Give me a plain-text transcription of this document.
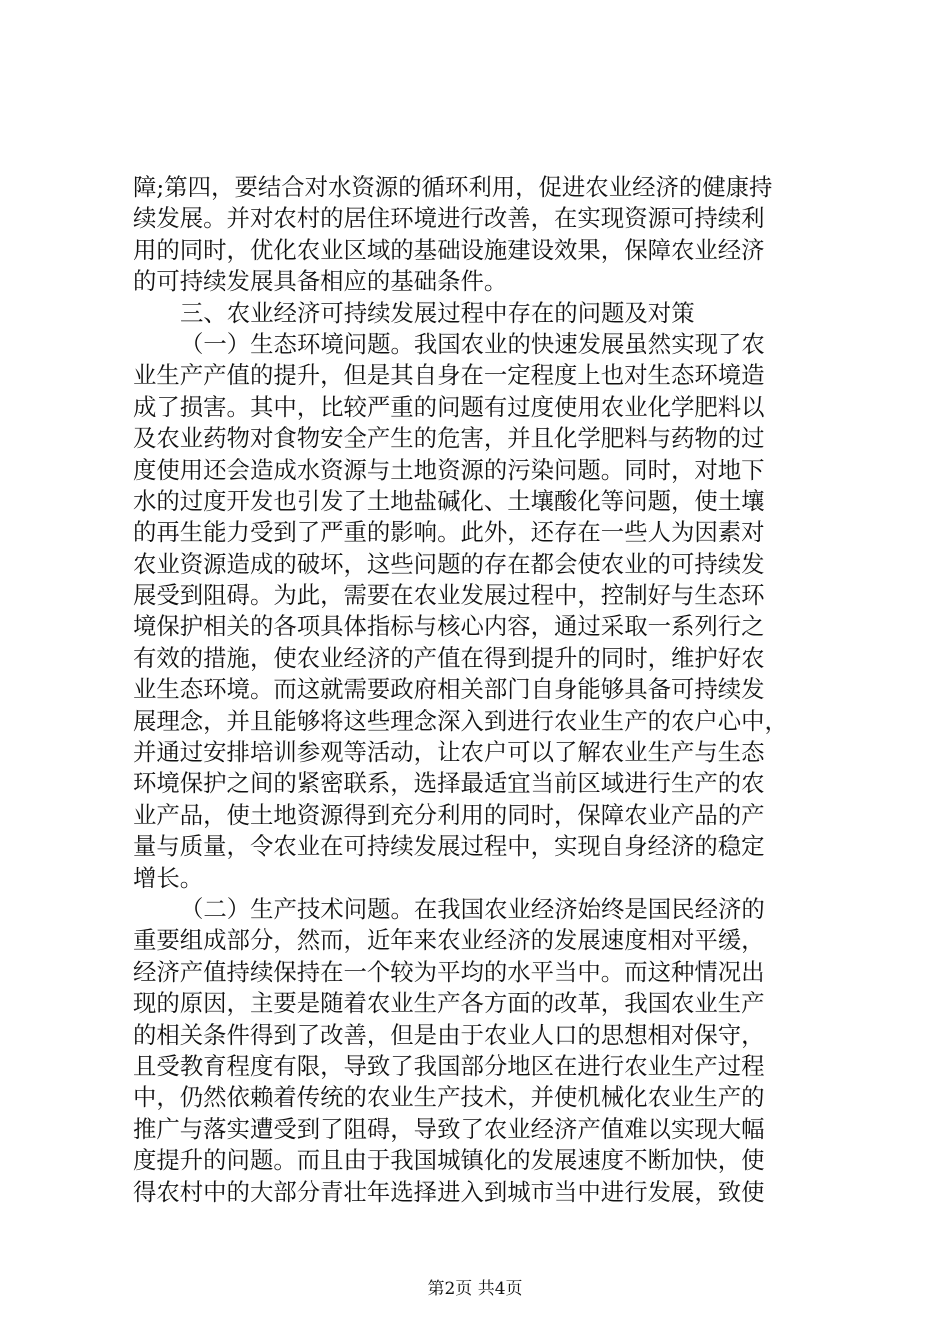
障;第四，要结合对水资源的循环利用，促进农业经济的健康持
续发展。并对农村的居住环境进行改善，在实现资源可持续利
用的同时，优化农业区域的基础设施建设效果，保障农业经济
的可持续发展具备相应的基础条件。
三、农业经济可持续发展过程中存在的问题及对策
（一）生态环境问题。我国农业的快速发展虽然实现了农
业生产产值的提升，但是其自身在一定程度上也对生态环境造
成了损害。其中，比较严重的问题有过度使用农业化学肥料以
及农业药物对食物安全产生的危害，并且化学肥料与药物的过
度使用还会造成水资源与土地资源的污染问题。同时，对地下
水的过度开发也引发了土地盐碱化、土壤酸化等问题，使土壤
的再生能力受到了严重的影响。此外，还存在一些人为因素对
农业资源造成的破坏，这些问题的存在都会使农业的可持续发
展受到阻碍。为此，需要在农业发展过程中，控制好与生态环
境保护相关的各项具体指标与核心内容，通过采取一系列行之
有效的措施，使农业经济的产值在得到提升的同时，维护好农
业生态环境。而这就需要政府相关部门自身能够具备可持续发
展理念，并且能够将这些理念深入到进行农业生产的农户心中，
并通过安排培训参观等活动，让农户可以了解农业生产与生态
环境保护之间的紧密联系，选择最适宜当前区域进行生产的农
业产品，使土地资源得到充分利用的同时，保障农业产品的产
量与质量，令农业在可持续发展过程中，实现自身经济的稳定
增长。
（二）生产技术问题。在我国农业经济始终是国民经济的
重要组成部分，然而，近年来农业经济的发展速度相对平缓，
经济产值持续保持在一个较为平均的水平当中。而这种情况出
现的原因，主要是随着农业生产各方面的改革，我国农业生产
的相关条件得到了改善，但是由于农业人口的思想相对保守，
且受教育程度有限，导致了我国部分地区在进行农业生产过程
中，仍然依赖着传统的农业生产技术，并使机械化农业生产的
推广与落实遭受到了阻碍，导致了农业经济产值难以实现大幅
度提升的问题。而且由于我国城镇化的发展速度不断加快，使
得农村中的大部分青壮年选择进入到城市当中进行发展，致使
第2页 共4页
